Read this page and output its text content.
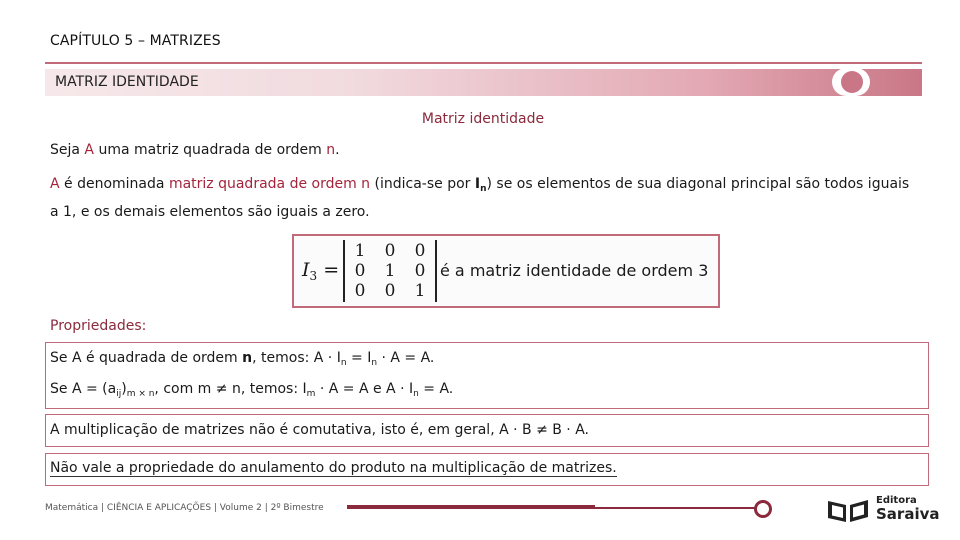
CAPÍTULO 5 – MATRIZES
MATRIZ IDENTIDADE
Matriz identidade
Seja A uma matriz quadrada de ordem n.
A é denominada matriz quadrada de ordem n (indica-se por $I_n$) se os elementos de sua diagonal principal são todos iguais a 1, e os demais elementos são iguais a zero.
$I_3$ =
1	0	0
0	1	0
0	0	1
é a matriz identidade de ordem 3
Propriedades:
Se A é quadrada de ordem n, temos: $A \cdot I_n = I_n \cdot A = A$.
Se $A = (a_{ij})_{m \times n}$, com m ≠ n, temos: $I_m \cdot A = A$ e $A \cdot I_n = A$.
A multiplicação de matrizes não é comutativa, isto é, em geral, A · B ≠ B · A.
Não vale a propriedade do anulamento do produto na multiplicação de matrizes.
Matemática | CIÊNCIA E APLICAÇÕES | Volume 2 | 2º Bimestre
Editora
Saraiva
